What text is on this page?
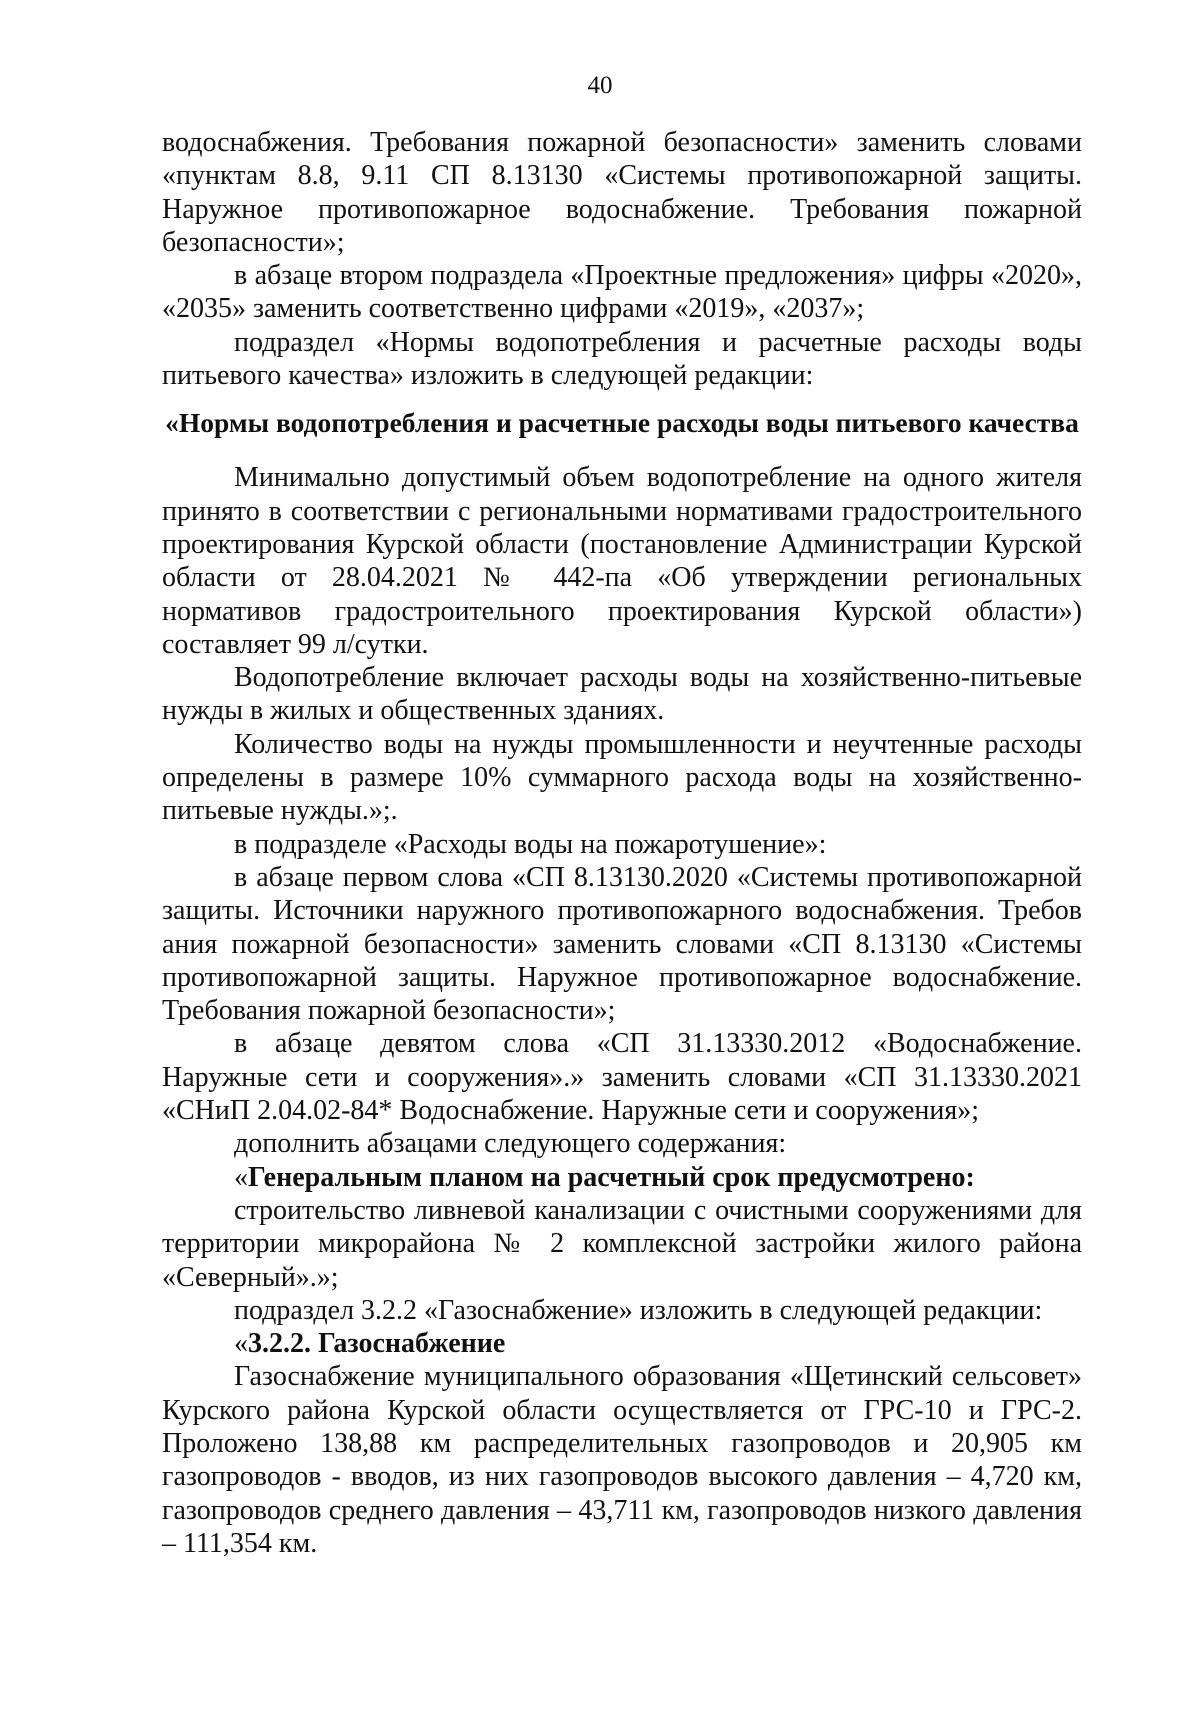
40

водоснабжения. Требования пожарной безопасности» заменить словами «пунктам 8.8, 9.11 СП 8.13130 «Системы противопожарной защиты. Наружное противопожарное водоснабжение. Требования пожарной безопасности»;

в абзаце втором подраздела «Проектные предложения» цифры «2020», «2035» заменить соответственно цифрами «2019», «2037»;

подраздел «Нормы водопотребления и расчетные расходы воды питьевого качества» изложить в следующей редакции:

«Нормы водопотребления и расчетные расходы воды питьевого качества

Минимально допустимый объем водопотребление на одного жителя принято в соответствии с региональными нормативами градостроительного проектирования Курской области (постановление Администрации Курской области от 28.04.2021 № 442-па «Об утверждении региональных нормативов градостроительного проектирования Курской области») составляет 99 л/сутки.

Водопотребление включает расходы воды на хозяйственно-питьевые нужды в жилых и общественных зданиях.

Количество воды на нужды промышленности и неучтенные расходы определены в размере 10% суммарного расхода воды на хозяйственно-питьевые нужды.»;.

в подразделе «Расходы воды на пожаротушение»:

в абзаце первом слова «СП 8.13130.2020 «Системы противопожарной защиты. Источники наружного противопожарного водоснабжения. Требов ания пожарной безопасности» заменить словами «СП 8.13130 «Системы противопожарной защиты. Наружное противопожарное водоснабжение. Требования пожарной безопасности»;

в абзаце девятом слова «СП 31.13330.2012 «Водоснабжение. Наружные сети и сооружения».» заменить словами «СП 31.13330.2021 «СНиП 2.04.02-84* Водоснабжение. Наружные сети и сооружения»;

дополнить абзацами следующего содержания:

«Генеральным планом на расчетный срок предусмотрено:

строительство ливневой канализации с очистными сооружениями для территории микрорайона № 2 комплексной застройки жилого района «Северный».»;

подраздел 3.2.2 «Газоснабжение» изложить в следующей редакции:

«3.2.2. Газоснабжение

Газоснабжение муниципального образования «Щетинский сельсовет» Курского района Курской области осуществляется от ГРС-10 и ГРС-2. Проложено 138,88 км распределительных газопроводов и 20,905 км газопроводов - вводов, из них газопроводов высокого давления – 4,720 км, газопроводов среднего давления – 43,711 км, газопроводов низкого давления – 111,354 км.
